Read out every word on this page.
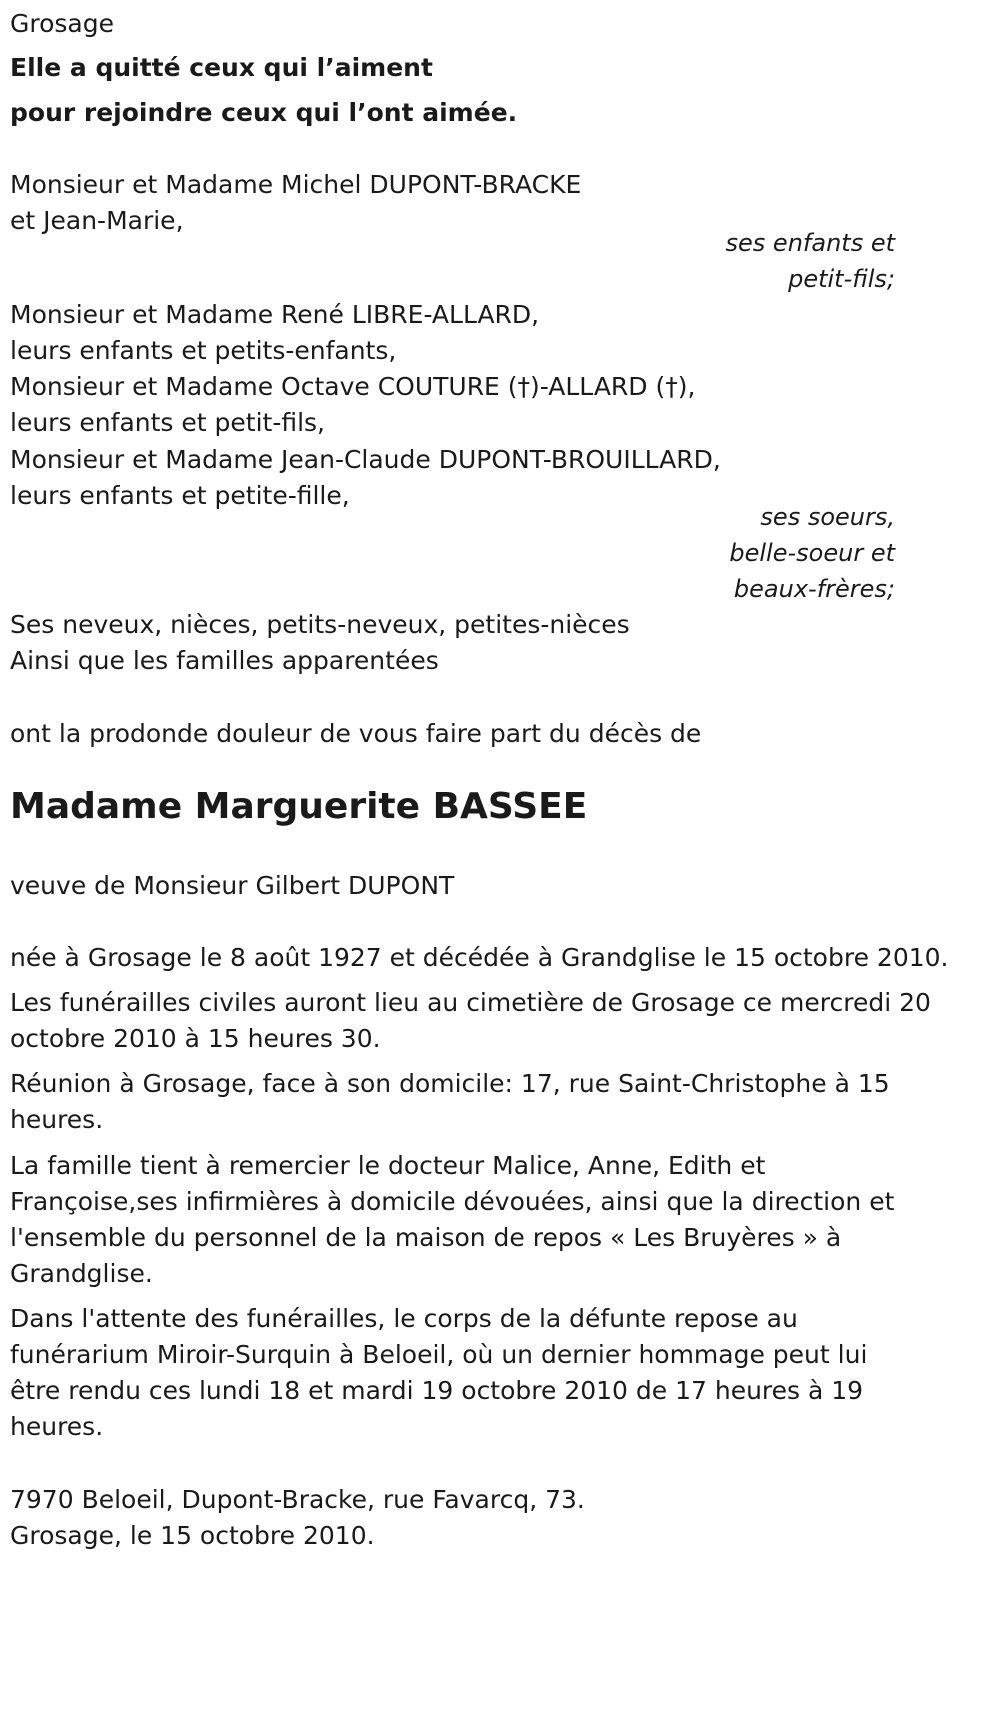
Grosage

Elle a quitté ceux qui l’aiment

pour rejoindre ceux qui l’ont aimée.

Monsieur et Madame Michel DUPONT-BRACKE

et Jean-Marie,

ses enfants et

petit-fils;

Monsieur et Madame René LIBRE-ALLARD,

leurs enfants et petits-enfants,

Monsieur et Madame Octave COUTURE (†)-ALLARD (†),

leurs enfants et petit-fils,

Monsieur et Madame Jean-Claude DUPONT-BROUILLARD,

leurs enfants et petite-fille,

ses soeurs,

belle-soeur et

beaux-frères;

Ses neveux, nièces, petits-neveux, petites-nièces

Ainsi que les familles apparentées

ont la prodonde douleur de vous faire part du décès de

Madame Marguerite BASSEE

veuve de Monsieur Gilbert DUPONT

née à Grosage le 8 août 1927 et décédée à Grandglise le 15 octobre 2010.

Les funérailles civiles auront lieu au cimetière de Grosage ce mercredi 20

octobre 2010 à 15 heures 30.

Réunion à Grosage, face à son domicile: 17, rue Saint-Christophe à 15

heures.

La famille tient à remercier le docteur Malice, Anne, Edith et

Françoise,ses infirmières à domicile dévouées, ainsi que la direction et

l'ensemble du personnel de la maison de repos « Les Bruyères » à

Grandglise.

Dans l'attente des funérailles, le corps de la défunte repose au

funérarium Miroir-Surquin à Beloeil, où un dernier hommage peut lui

être rendu ces lundi 18 et mardi 19 octobre 2010 de 17 heures à 19

heures.

7970 Beloeil, Dupont-Bracke, rue Favarcq, 73.

Grosage, le 15 octobre 2010.
